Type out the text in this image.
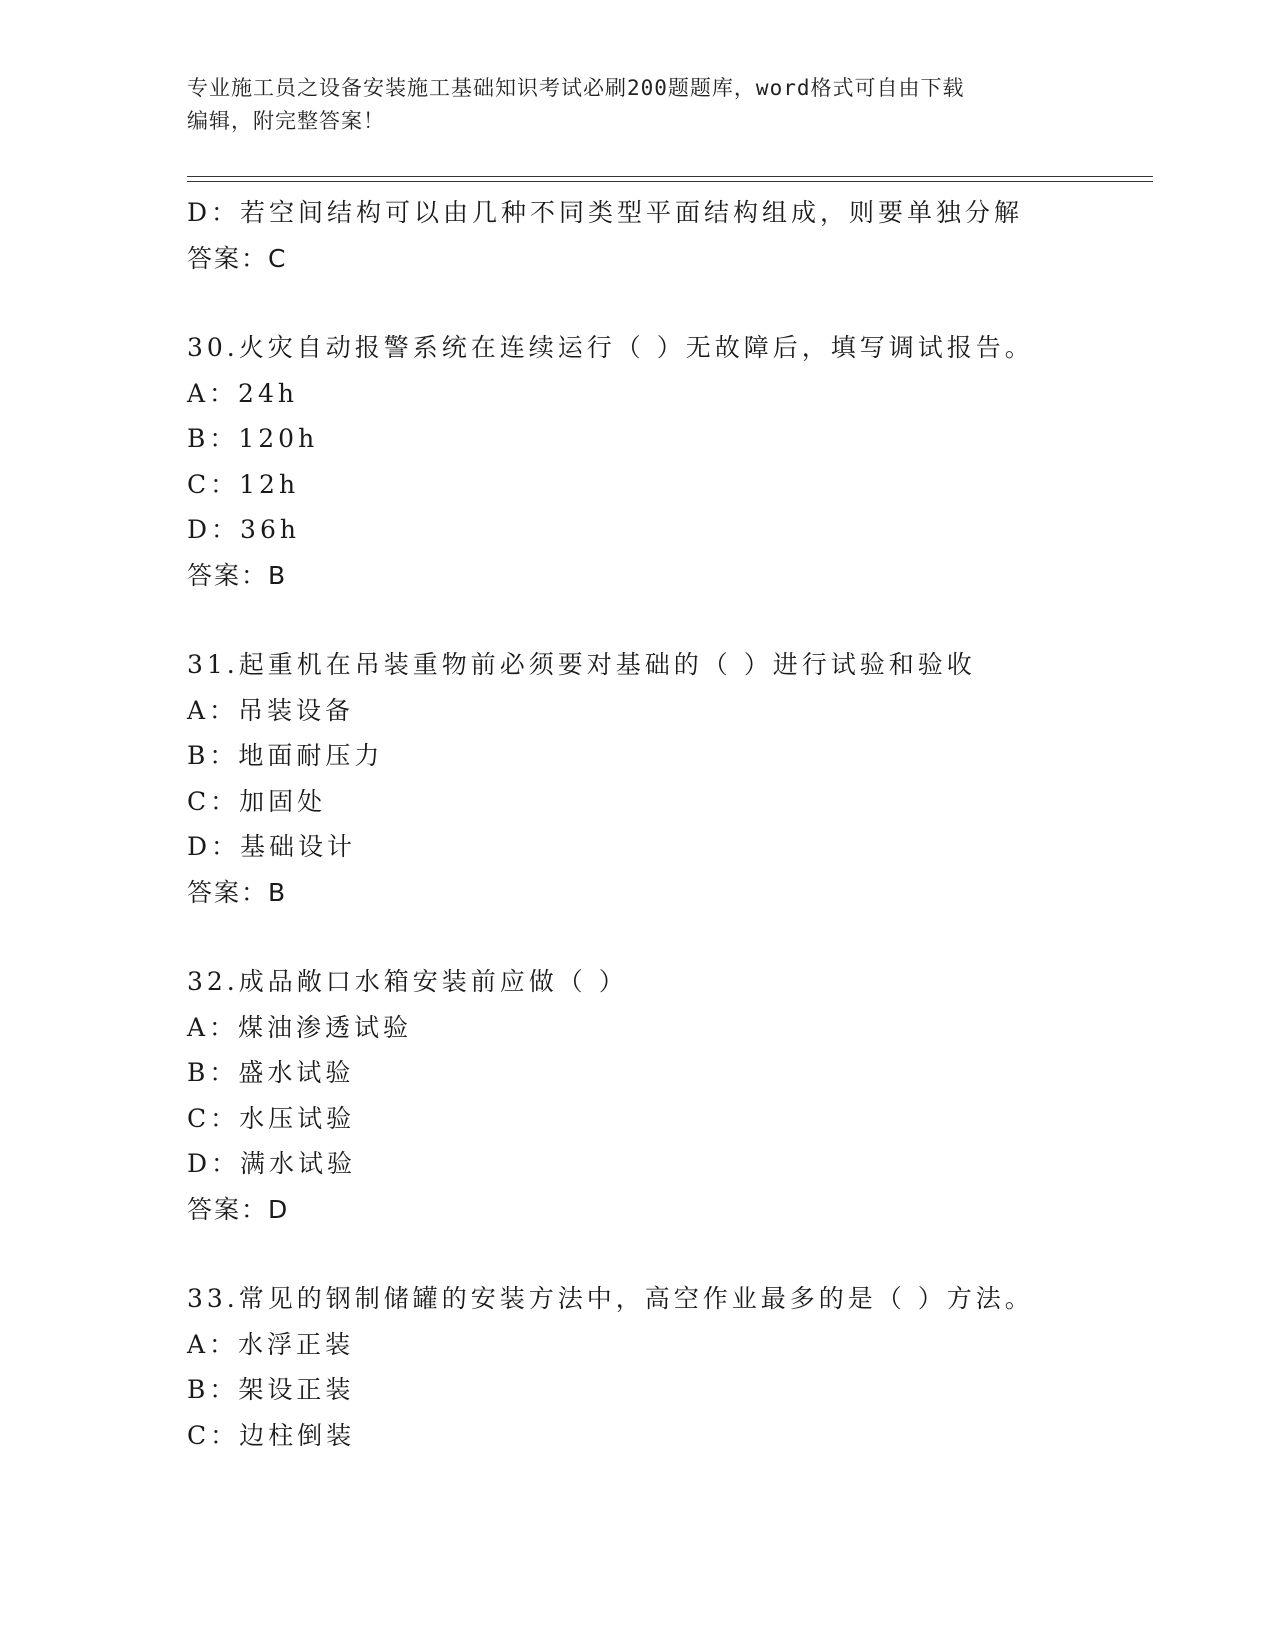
专业施工员之设备安装施工基础知识考试必刷200题题库，word格式可自由下载
编辑，附完整答案！
D：若空间结构可以由几种不同类型平面结构组成，则要单独分解
答案：C
30.火灾自动报警系统在连续运行（ ）无故障后，填写调试报告。
A：24h
B：120h
C：12h
D：36h
答案：B
31.起重机在吊装重物前必须要对基础的（ ）进行试验和验收
A：吊装设备
B：地面耐压力
C：加固处
D：基础设计
答案：B
32.成品敞口水箱安装前应做（ ）
A：煤油渗透试验
B：盛水试验
C：水压试验
D：满水试验
答案：D
33.常见的钢制储罐的安装方法中，高空作业最多的是（ ）方法。
A：水浮正装
B：架设正装
C：边柱倒装
